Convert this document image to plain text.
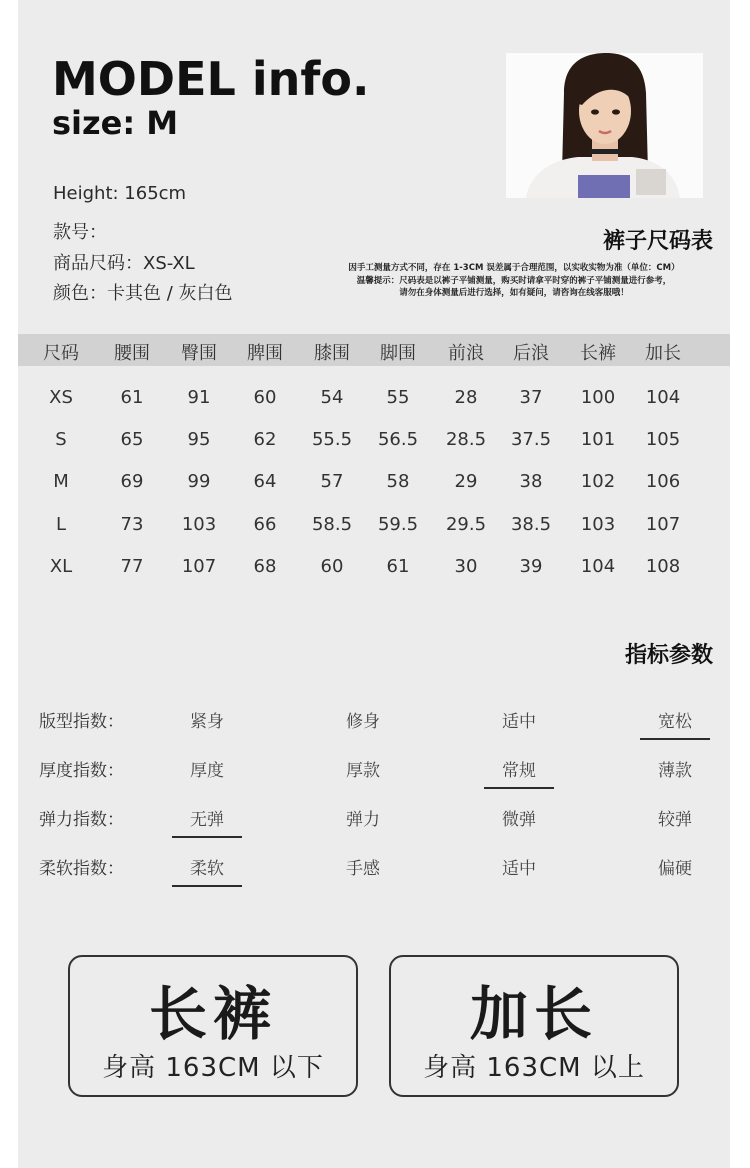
MODEL info.
size: M
Height: 165cm
款号：
商品尺码：XS-XL
颜色：卡其色 / 灰白色
裤子尺码表
因手工测量方式不同，存在 1-3CM 误差属于合理范围，以实收实物为准（单位：CM）
温馨提示：尺码表是以裤子平铺测量，购买时请拿平时穿的裤子平铺测量进行参考，
请勿在身体测量后进行选择，如有疑问，请咨询在线客服哦！
尺码	腰围	臀围	脾围	膝围	脚围	前浪	后浪	长裤	加长
XS	61	91	60	54	55	28	37	100	104
S	65	95	62	55.5	56.5	28.5	37.5	101	105
M	69	99	64	57	58	29	38	102	106
L	73	103	66	58.5	59.5	29.5	38.5	103	107
XL	77	107	68	60	61	30	39	104	108
指标参数
版型指数：	紧身	修身	适中	宽松
厚度指数：	厚度	厚款	常规	薄款
弹力指数：	无弹	弹力	微弹	较弹
柔软指数：	柔软	手感	适中	偏硬
长裤
身高 163CM 以下
加长
身高 163CM 以上
